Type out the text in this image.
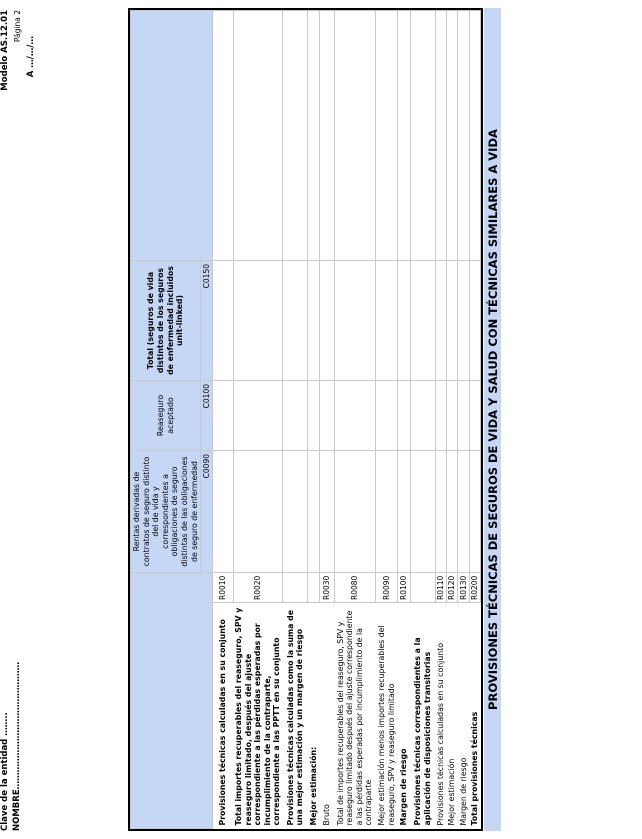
Modelo AS.12.01 Página 2
A …/…/…
Clave de la entidad …….. NOMBRE………………………………………
PROVISIONES TÉCNICAS DE SEGUROS DE VIDA Y SALUD CON TÉCNICAS SIMILARES A VIDA
		Rentas derivadas de contratos de seguro distinto del de vida y correspondientes a obligaciones de seguro distintas de las obligaciones de seguro de enfermedad	Reaseguro aceptado	Total (seguros de vida distintos de los seguros de enfermedad incluidos unit-linked)	
		C0090	C0100	C0150	
Provisiones técnicas calculadas en su conjunto	R0010				
Total importes recuperables del reaseguro, SPV y reaseguro limitado, después del ajuste correspondiente a las pérdidas esperadas por incumplimiento de la contraparte, correspondiente a las PPTT en su conjunto	R0020				
Provisiones técnicas calculadas como la suma de una mejor estimación y un margen de riesgo					
Mejor estimación:					
Bruto	R0030				
Total de importes recuperables del reaseguro, SPV y reaseguro limitado después del ajuste correspondiente a las pérdidas esperadas por incumplimiento de la contraparte	R0080				
Mejor estimación menos importes recuperables del reaseguro, SPV y reaseguro limitado	R0090				
Margen de riesgo	R0100				
Provisiones técnicas correspondientes a la aplicación de disposiciones transitorias					
Provisiones técnicas calculadas en su conjunto	R0110				
Mejor estimación	R0120				
Margen de riesgo	R0130				
Total provisiones técnicas	R0200				
